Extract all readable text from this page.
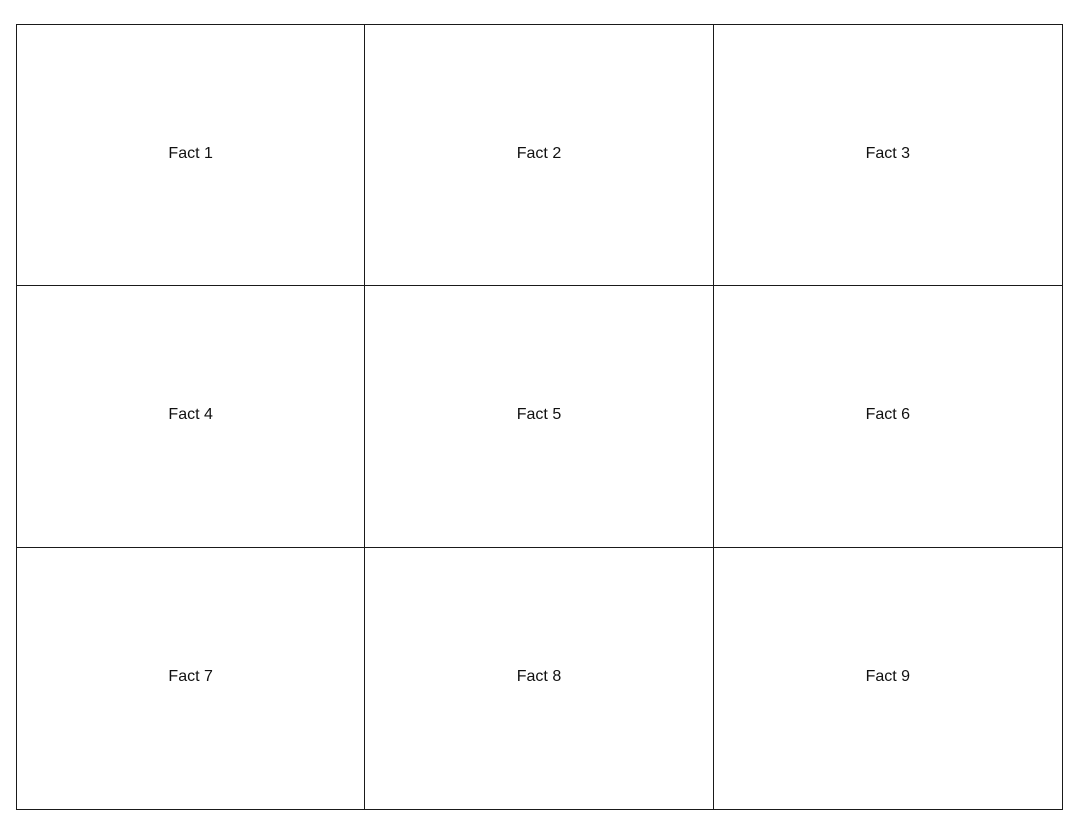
Fact 1	Fact 2	Fact 3
Fact 4	Fact 5	Fact 6
Fact 7	Fact 8	Fact 9
